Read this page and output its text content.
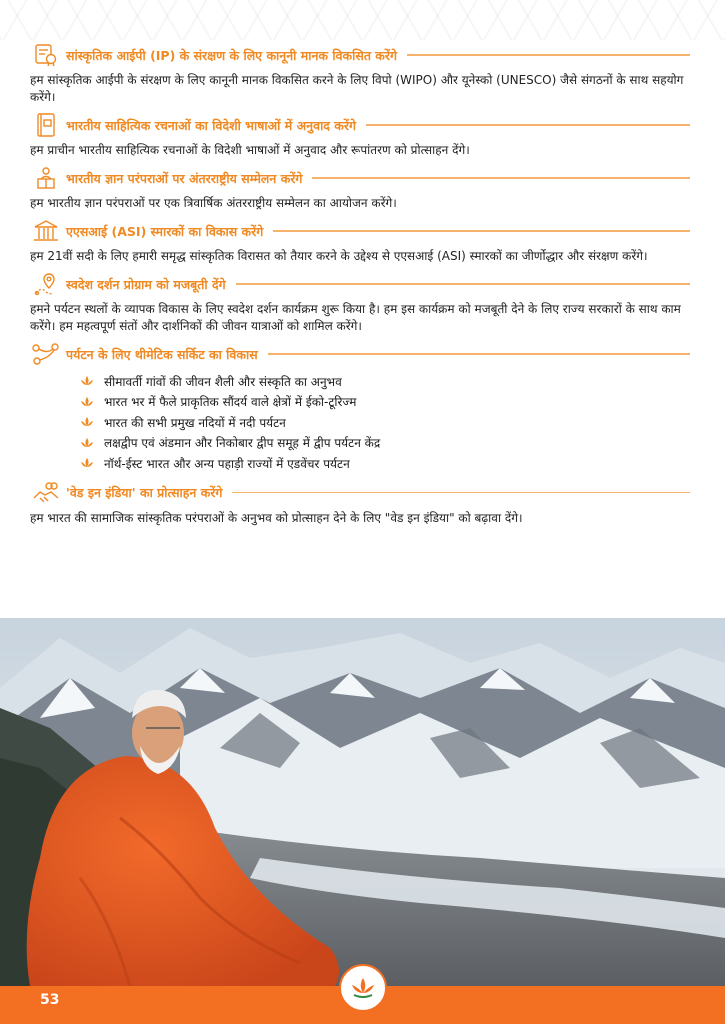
सांस्कृतिक आईपी (IP) के संरक्षण के लिए कानूनी मानक विकसित करेंगे

हम सांस्कृतिक आईपी के संरक्षण के लिए कानूनी मानक विकसित करने के लिए विपो (WIPO) और यूनेस्को (UNESCO) जैसे संगठनों के साथ सहयोग करेंगे।

भारतीय साहित्यिक रचनाओं का विदेशी भाषाओं में अनुवाद करेंगे

हम प्राचीन भारतीय साहित्यिक रचनाओं के विदेशी भाषाओं में अनुवाद और रूपांतरण को प्रोत्साहन देंगे।

भारतीय ज्ञान परंपराओं पर अंतरराष्ट्रीय सम्मेलन करेंगे

हम भारतीय ज्ञान परंपराओं पर एक त्रिवार्षिक अंतरराष्ट्रीय सम्मेलन का आयोजन करेंगे।

एएसआई (ASI) स्मारकों का विकास करेंगे

हम 21वीं सदी के लिए हमारी समृद्ध सांस्कृतिक विरासत को तैयार करने के उद्देश्य से एएसआई (ASI) स्मारकों का जीर्णोद्धार और संरक्षण करेंगे।

स्वदेश दर्शन प्रोग्राम को मजबूती देंगे

हमने पर्यटन स्थलों के व्यापक विकास के लिए स्वदेश दर्शन कार्यक्रम शुरू किया है। हम इस कार्यक्रम को मजबूती देने के लिए राज्य सरकारों के साथ काम करेंगे। हम महत्वपूर्ण संतों और दार्शनिकों की जीवन यात्राओं को शामिल करेंगे।

पर्यटन के लिए थीमेटिक सर्किट का विकास
सीमावर्ती गांवों की जीवन शैली और संस्कृति का अनुभव
भारत भर में फैले प्राकृतिक सौंदर्य वाले क्षेत्रों में ईको-टूरिज्म
भारत की सभी प्रमुख नदियों में नदी पर्यटन
लक्षद्वीप एवं अंडमान और निकोबार द्वीप समूह में द्वीप पर्यटन केंद्र
नॉर्थ-ईस्ट भारत और अन्य पहाड़ी राज्यों में एडवेंचर पर्यटन
'वेड इन इंडिया' का प्रोत्साहन करेंगे

हम भारत की सामाजिक सांस्कृतिक परंपराओं के अनुभव को प्रोत्साहन देने के लिए "वेड इन इंडिया" को बढ़ावा देंगे।

53
